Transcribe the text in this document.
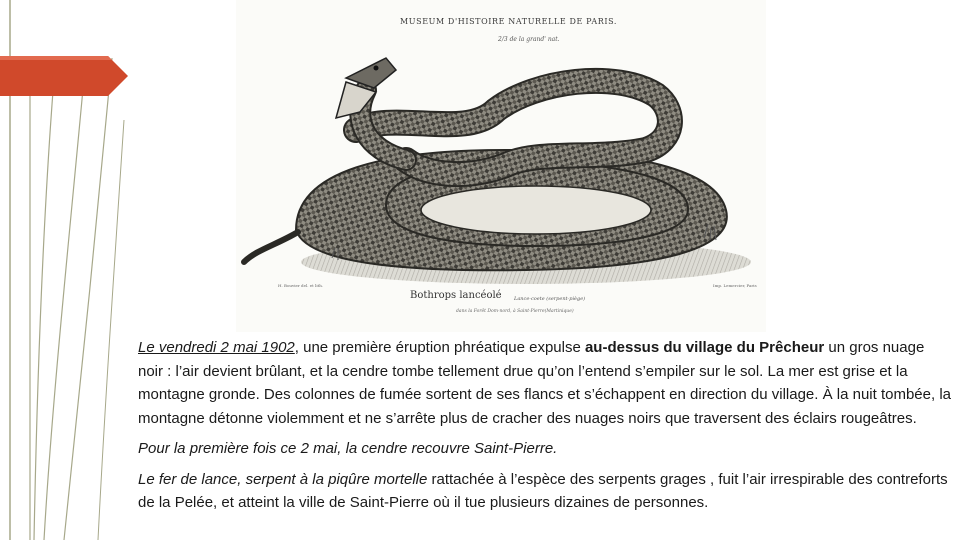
MUSEUM D'HISTOIRE NATURELLE DE PARIS.
2/3 de la grand' nat.
H. Bouvier del. et lith.	Imp. Lemercier, Paris
Bothrops lancéolé Lance-coete (serpent-piège)
dans la Forêt Dom-nord, à Saint-Pierre(Martinique)

Le vendredi 2 mai 1902, une première éruption phréatique expulse au-dessus du village du Prêcheur un gros nuage noir : l’air devient brûlant, et la cendre tombe tellement drue qu’on l’entend s’empiler sur le sol. La mer est grise et la montagne gronde. Des colonnes de fumée sortent de ses flancs et s’échappent en direction du village. À la nuit tombée, la montagne détonne violemment et ne s’arrête plus de cracher des nuages noirs que traversent des éclairs rougeâtres.

Pour la première fois ce 2 mai, la cendre recouvre Saint-Pierre.

Le fer de lance, serpent à la piqûre mortelle rattachée à l’espèce des serpents grages , fuit l’air irrespirable des contreforts de la Pelée, et atteint la ville de Saint-Pierre où il tue plusieurs dizaines de personnes.
